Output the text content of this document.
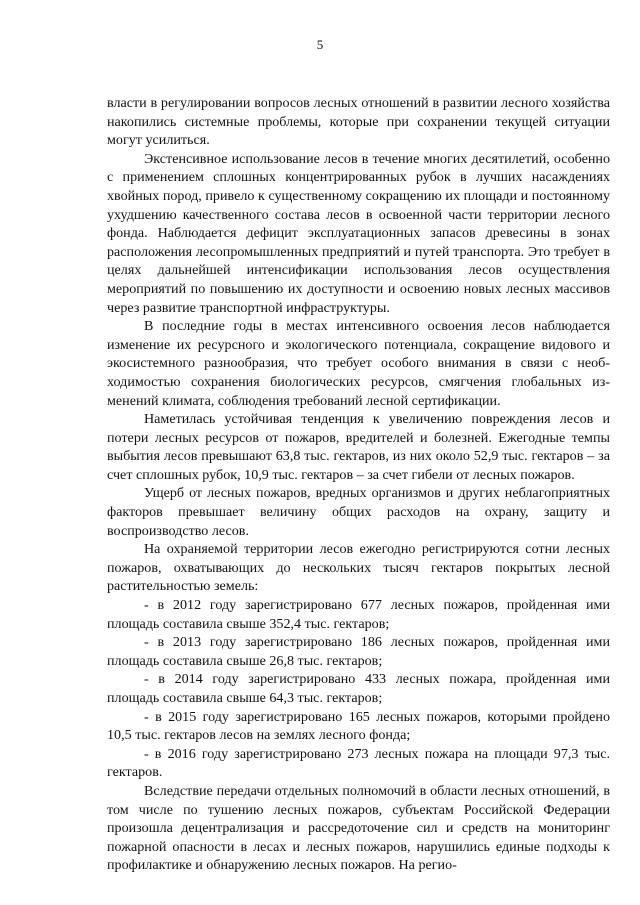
5

власти в регулировании вопросов лесных отношений в развитии лесного хозяйства накопились системные проблемы, которые при сохранении текущей ситуации могут усилиться.

Экстенсивное использование лесов в течение многих десятилетий, особенно с применением сплошных концентрированных рубок в лучших насаждениях хвойных пород, привело к существенному сокращению их площади и постоянному ухудшению качественного состава лесов в освоенной части территории лесного фонда. Наблюдается дефицит эксплуатационных запасов древесины в зонах расположения лесопромышленных предприятий и путей транспорта. Это требует в целях дальнейшей интенсификации использования лесов осуществления мероприятий по повышению их доступности и освоению новых лесных массивов через развитие транспортной инфраструктуры.

В последние годы в местах интенсивного освоения лесов наблюдается изменение их ресурсного и экологического потенциала, сокращение видового и экосистемного разнообразия, что требует особого внимания в связи с необходимостью сохранения биологических ресурсов, смягчения глобальных изменений климата, соблюдения требований лесной сертификации.

Наметилась устойчивая тенденция к увеличению повреждения лесов и потери лесных ресурсов от пожаров, вредителей и болезней. Ежегодные темпы выбытия лесов превышают 63,8 тыс. гектаров, из них около 52,9 тыс. гектаров – за счет сплошных рубок, 10,9 тыс. гектаров – за счет гибели от лесных пожаров.

Ущерб от лесных пожаров, вредных организмов и других неблагоприятных факторов превышает величину общих расходов на охрану, защиту и воспроизводство лесов.

На охраняемой территории лесов ежегодно регистрируются сотни лесных пожаров, охватывающих до нескольких тысяч гектаров покрытых лесной растительностью земель:

- в 2012 году зарегистрировано 677 лесных пожаров, пройденная ими площадь составила свыше 352,4 тыс. гектаров;

- в 2013 году зарегистрировано 186 лесных пожаров, пройденная ими площадь составила свыше 26,8 тыс. гектаров;

- в 2014 году зарегистрировано 433 лесных пожара, пройденная ими площадь составила свыше 64,3 тыс. гектаров;

- в 2015 году зарегистрировано 165 лесных пожаров, которыми пройдено 10,5 тыс. гектаров лесов на землях лесного фонда;

- в 2016 году зарегистрировано 273 лесных пожара на площади 97,3 тыс. гектаров.

Вследствие передачи отдельных полномочий в области лесных отношений, в том числе по тушению лесных пожаров, субъектам Российской Федерации произошла децентрализация и рассредоточение сил и средств на мониторинг пожарной опасности в лесах и лесных пожаров, нарушились единые подходы к профилактике и обнаружению лесных пожаров. На регио-
